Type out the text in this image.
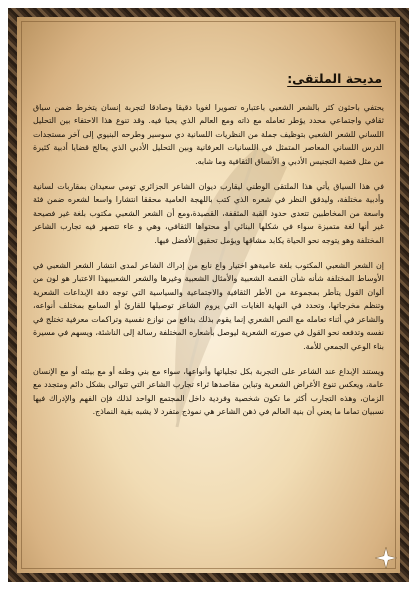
مديحة الملتقى:

يحتفي باحثون كثر بالشعر الشعبي باعتباره تصويرا لغويا دقيقا وصادقا لتجربة إنسان يتخرط ضمن سياق ثقافي واجتماعي محدد يؤطر تعامله مع ذاته ومع العالم الذي يحيا فيه. وقد تنوع هذا الاحتفاء بين التحليل اللساني للشعر الشعبي بتوظيف جملة من النظريات اللسانية دي سوسير وطرحه البنيوي إلى آخر مستجدات الدرس اللساني المعاصر المتمثل في اللسانيات العرفانية وبين التحليل الأدبي الذي يعالج قضايا أدبية كثيرة من مثل قضية التجنيس الأدبي و الأنساق الثقافية وما شابه.

في هذا السياق يأتي هذا الملتقى الوطني ليقارب ديوان الشاعر الجزائري تومي سعيدان بمقاربات لسانية وأدبية مختلفة، وليدقق النظر في شعره الذي كتب باللهجة العامية محققا انتشارا واسعا لشعره ضمن فئة واسعة من المخاطبين تتعدى حدود القبة المثقفة، القصيدة،ومع أن الشعر الشعبي مكتوب بلغة غير فصيحة غير أنها لغة متميزة سواء في شكلها البنائي أو محتواها الثقافي، وهي و عاء تتصهر فيه تجارب الشاعر المختلفة وهو يتوجه نحو الحياة يكابد مشاقها ويؤمل تحقيق الأفضل فيها.

إن الشعر الشعبي المكتوب بلغة عاميةهو اختيار واع نابع من إدراك الشاعر لمدى انتشار الشعر الشعبي في الأوساط المختلفة شأنه شأن القصة الشعبية والأمثال الشعبية وغيرها والشعر الشعبيبهذا الاعتبار هو لون من ألوان القول يتأطر بمجموعة من الأطر الثقافية والاجتماعية والسياسية التي توجه دفة الإبداعات الشعرية وتنظم مخرجاتها، وتحدد في النهاية الغايات التي يروم الشاعر توصيلها للقارئ أو السامع بمختلف أنواعه، والشاعر في أثناء تعامله مع النص الشعري إنما يقوم بذلك بدافع من نوازع نفسية وتراكمات معرفية تختلج في نفسه وتدفعه نحو القول في صورته الشعرية ليوصل بأشعاره المختلفة رسالة إلى الناشئة، ويسهم في مسيرة بناء الوعي الجمعي للأمة.

ويستند الإبداع عند الشاعر على التجربة بكل تجلياتها وأنواعها، سواء مع بني وطنه أو مع بيئته أو مع الإنسان عامة، ويعكس تنوع الأغراض الشعرية وتباين مقاصدها ثراء تجارب الشاعر التي تتوالى بشكل دائم ومتجدد مع الزمان، وهذه التجارب أكثر ما تكون شخصية وفردية داخل المجتمع الواحد لذلك فإن الفهم والإدراك فيها نسبيان تماما ما يعني أن بنية العالم في ذهن الشاعر هي نموذج متفرد لا يشبه بقية النماذج.
